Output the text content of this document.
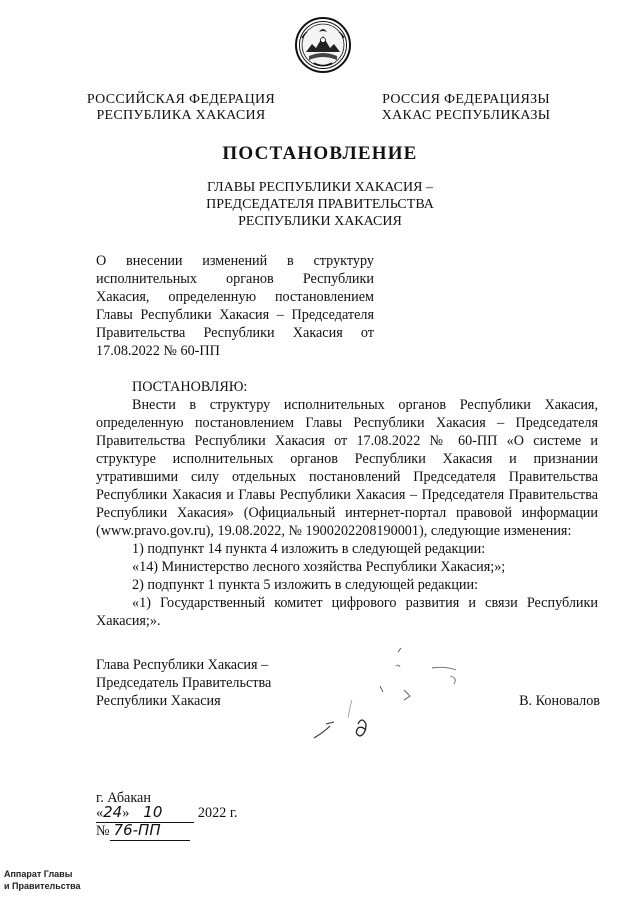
РОССИЙСКАЯ ФЕДЕРАЦИЯ
РЕСПУБЛИКА ХАКАСИЯ
РОССИЯ ФЕДЕРАЦИЯЗЫ
ХАКАС РЕСПУБЛИКАЗЫ
ПОСТАНОВЛЕНИЕ
ГЛАВЫ РЕСПУБЛИКИ ХАКАСИЯ –
ПРЕДСЕДАТЕЛЯ ПРАВИТЕЛЬСТВА
РЕСПУБЛИКИ ХАКАСИЯ
О внесении изменений в структуру исполнительных органов Республики Хакасия, определенную постановлением Главы Республики Хакасия – Председателя Правительства Республики Хакасия от 17.08.2022 № 60-ПП

ПОСТАНОВЛЯЮ:

Внести в структуру исполнительных органов Республики Хакасия, определенную постановлением Главы Республики Хакасия – Председателя Правительства Республики Хакасия от 17.08.2022 № 60-ПП «О системе и структуре исполнительных органов Республики Хакасия и признании утратившими силу отдельных постановлений Председателя Правительства Республики Хакасия и Главы Республики Хакасия – Председателя Правительства Республики Хакасия» (Официальный интернет-портал правовой информации (www.pravo.gov.ru), 19.08.2022, № 1900202208190001), следующие изменения:

1) подпункт 14 пункта 4 изложить в следующей редакции:

«14) Министерство лесного хозяйства Республики Хакасия;»;

2) подпункт 1 пункта 5 изложить в следующей редакции:

«1) Государственный комитет цифрового развития и связи Республики Хакасия;».

Глава Республики Хакасия –
Председатель Правительства
Республики Хакасия	В. Коновалов
г. Абакан
«24» 10	2022 г.
№ 76-ПП
Аппарат Главы
и Правительства
